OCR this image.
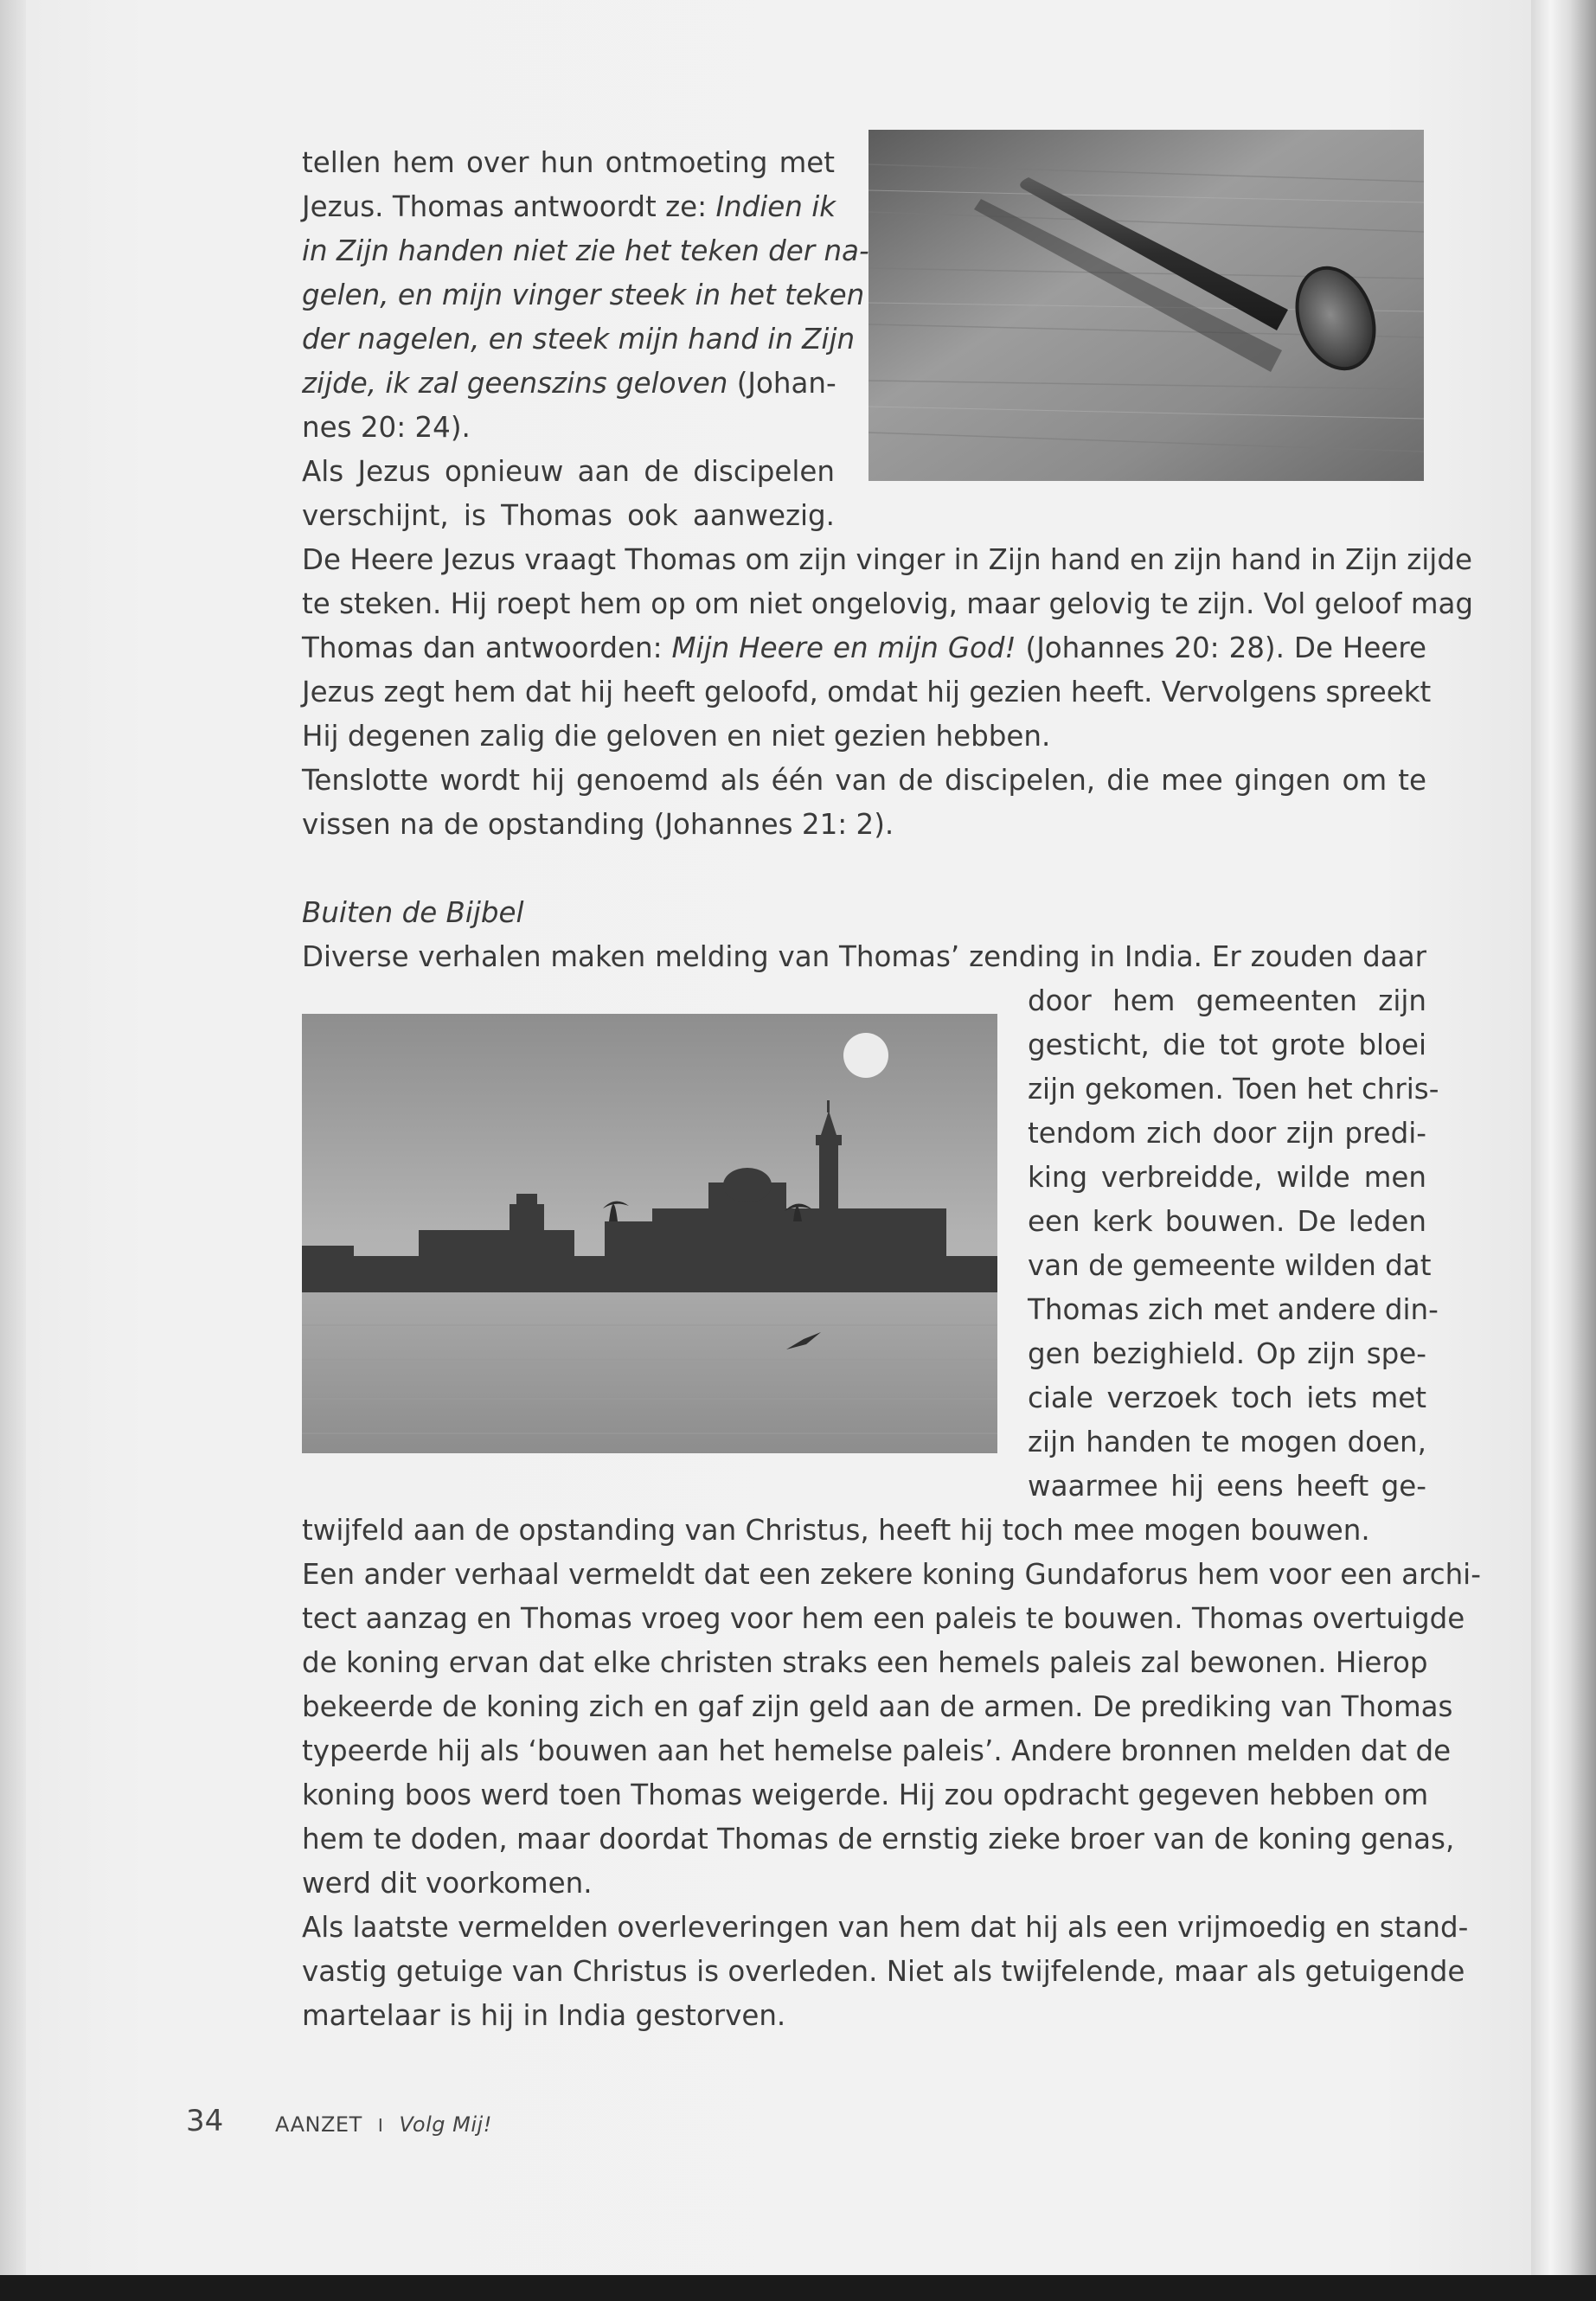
tellen hem over hun ontmoeting met
Jezus. Thomas antwoordt ze: Indien ik
in Zijn handen niet zie het teken der na-
gelen, en mijn vinger steek in het teken
der nagelen, en steek mijn hand in Zijn
zijde, ik zal geenszins geloven (Johan-
nes 20: 24).
Als Jezus opnieuw aan de discipelen
verschijnt, is Thomas ook aanwezig.
De Heere Jezus vraagt Thomas om zijn vinger in Zijn hand en zijn hand in Zijn zijde
te steken. Hij roept hem op om niet ongelovig, maar gelovig te zijn. Vol geloof mag
Thomas dan antwoorden: Mijn Heere en mijn God! (Johannes 20: 28). De Heere
Jezus zegt hem dat hij heeft geloofd, omdat hij gezien heeft. Vervolgens spreekt
Hij degenen zalig die geloven en niet gezien hebben.
Tenslotte wordt hij genoemd als één van de discipelen, die mee gingen om te
vissen na de opstanding (Johannes 21: 2).
Buiten de Bijbel
Diverse verhalen maken melding van Thomas’ zending in India. Er zouden daar
door hem gemeenten zijn
gesticht, die tot grote bloei
zijn gekomen. Toen het chris-
tendom zich door zijn predi-
king verbreidde, wilde men
een kerk bouwen. De leden
van de gemeente wilden dat
Thomas zich met andere din-
gen bezighield. Op zijn spe-
ciale verzoek toch iets met
zijn handen te mogen doen,
waarmee hij eens heeft ge-
twijfeld aan de opstanding van Christus, heeft hij toch mee mogen bouwen.
Een ander verhaal vermeldt dat een zekere koning Gundaforus hem voor een archi-
tect aanzag en Thomas vroeg voor hem een paleis te bouwen. Thomas overtuigde
de koning ervan dat elke christen straks een hemels paleis zal bewonen. Hierop
bekeerde de koning zich en gaf zijn geld aan de armen. De prediking van Thomas
typeerde hij als ‘bouwen aan het hemelse paleis’. Andere bronnen melden dat de
koning boos werd toen Thomas weigerde. Hij zou opdracht gegeven hebben om
hem te doden, maar doordat Thomas de ernstig zieke broer van de koning genas,
werd dit voorkomen.
Als laatste vermelden overleveringen van hem dat hij als een vrijmoedig en stand-
vastig getuige van Christus is overleden. Niet als twijfelende, maar als getuigende
martelaar is hij in India gestorven.
34 AANZET I Volg Mij!
